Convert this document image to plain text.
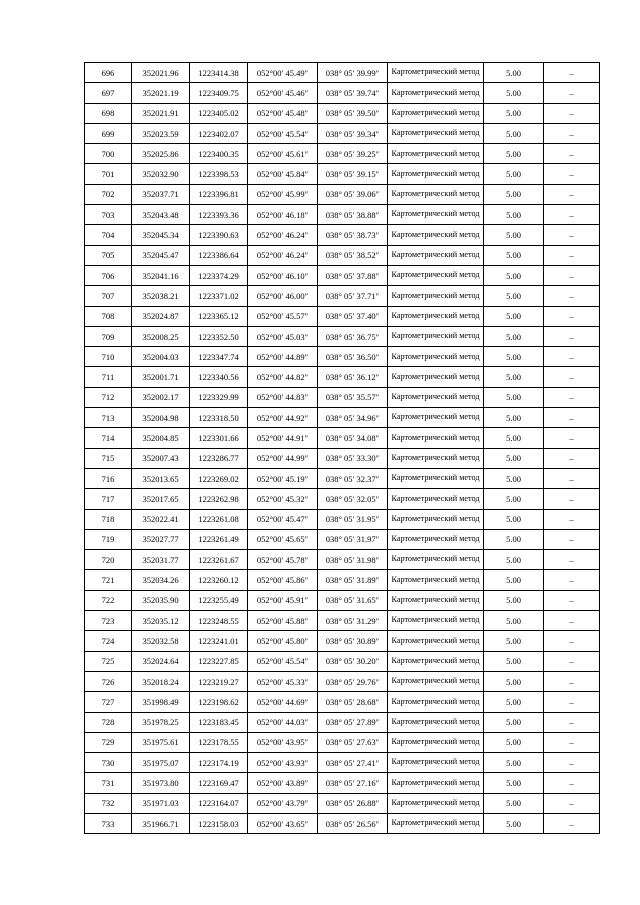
696	352021.96	1223414.38	052°00′ 45.49″	038° 05′ 39.99″	Картометрический метод	5.00	–
697	352021.19	1223409.75	052°00′ 45.46″	038° 05′ 39.74″	Картометрический метод	5.00	–
698	352021.91	1223405.02	052°00′ 45.48″	038° 05′ 39.50″	Картометрический метод	5.00	–
699	352023.59	1223402.07	052°00′ 45.54″	038° 05′ 39.34″	Картометрический метод	5.00	–
700	352025.86	1223400.35	052°00′ 45.61″	038° 05′ 39.25″	Картометрический метод	5.00	–
701	352032.90	1223398.53	052°00′ 45.84″	038° 05′ 39.15″	Картометрический метод	5.00	–
702	352037.71	1223396.81	052°00′ 45.99″	038° 05′ 39.06″	Картометрический метод	5.00	–
703	352043.48	1223393.36	052°00′ 46.18″	038° 05′ 38.88″	Картометрический метод	5.00	–
704	352045.34	1223390.63	052°00′ 46.24″	038° 05′ 38.73″	Картометрический метод	5.00	–
705	352045.47	1223386.64	052°00′ 46.24″	038° 05′ 38.52″	Картометрический метод	5.00	–
706	352041.16	1223374.29	052°00′ 46.10″	038° 05′ 37.88″	Картометрический метод	5.00	–
707	352038.21	1223371.02	052°00′ 46.00″	038° 05′ 37.71″	Картометрический метод	5.00	–
708	352024.87	1223365.12	052°00′ 45.57″	038° 05′ 37.40″	Картометрический метод	5.00	–
709	352008.25	1223352.50	052°00′ 45.03″	038° 05′ 36.75″	Картометрический метод	5.00	–
710	352004.03	1223347.74	052°00′ 44.89″	038° 05′ 36.50″	Картометрический метод	5.00	–
711	352001.71	1223340.56	052°00′ 44.82″	038° 05′ 36.12″	Картометрический метод	5.00	–
712	352002.17	1223329.99	052°00′ 44.83″	038° 05′ 35.57″	Картометрический метод	5.00	–
713	352004.98	1223318.50	052°00′ 44.92″	038° 05′ 34.96″	Картометрический метод	5.00	–
714	352004.85	1223301.66	052°00′ 44.91″	038° 05′ 34.08″	Картометрический метод	5.00	–
715	352007.43	1223286.77	052°00′ 44.99″	038° 05′ 33.30″	Картометрический метод	5.00	–
716	352013.65	1223269.02	052°00′ 45.19″	038° 05′ 32.37″	Картометрический метод	5.00	–
717	352017.65	1223262.98	052°00′ 45.32″	038° 05′ 32.05″	Картометрический метод	5.00	–
718	352022.41	1223261.08	052°00′ 45.47″	038° 05′ 31.95″	Картометрический метод	5.00	–
719	352027.77	1223261.49	052°00′ 45.65″	038° 05′ 31.97″	Картометрический метод	5.00	–
720	352031.77	1223261.67	052°00′ 45.78″	038° 05′ 31.98″	Картометрический метод	5.00	–
721	352034.26	1223260.12	052°00′ 45.86″	038° 05′ 31.89″	Картометрический метод	5.00	–
722	352035.90	1223255.49	052°00′ 45.91″	038° 05′ 31.65″	Картометрический метод	5.00	–
723	352035.12	1223248.55	052°00′ 45.88″	038° 05′ 31.29″	Картометрический метод	5.00	–
724	352032.58	1223241.01	052°00′ 45.80″	038° 05′ 30.89″	Картометрический метод	5.00	–
725	352024.64	1223227.85	052°00′ 45.54″	038° 05′ 30.20″	Картометрический метод	5.00	–
726	352018.24	1223219.27	052°00′ 45.33″	038° 05′ 29.76″	Картометрический метод	5.00	–
727	351998.49	1223198.62	052°00′ 44.69″	038° 05′ 28.68″	Картометрический метод	5.00	–
728	351978.25	1223183.45	052°00′ 44.03″	038° 05′ 27.89″	Картометрический метод	5.00	–
729	351975.61	1223178.55	052°00′ 43.95″	038° 05′ 27.63″	Картометрический метод	5.00	–
730	351975.07	1223174.19	052°00′ 43.93″	038° 05′ 27.41″	Картометрический метод	5.00	–
731	351973.80	1223169.47	052°00′ 43.89″	038° 05′ 27.16″	Картометрический метод	5.00	–
732	351971.03	1223164.07	052°00′ 43.79″	038° 05′ 26.88″	Картометрический метод	5.00	–
733	351966.71	1223158.03	052°00′ 43.65″	038° 05′ 26.56″	Картометрический метод	5.00	–
